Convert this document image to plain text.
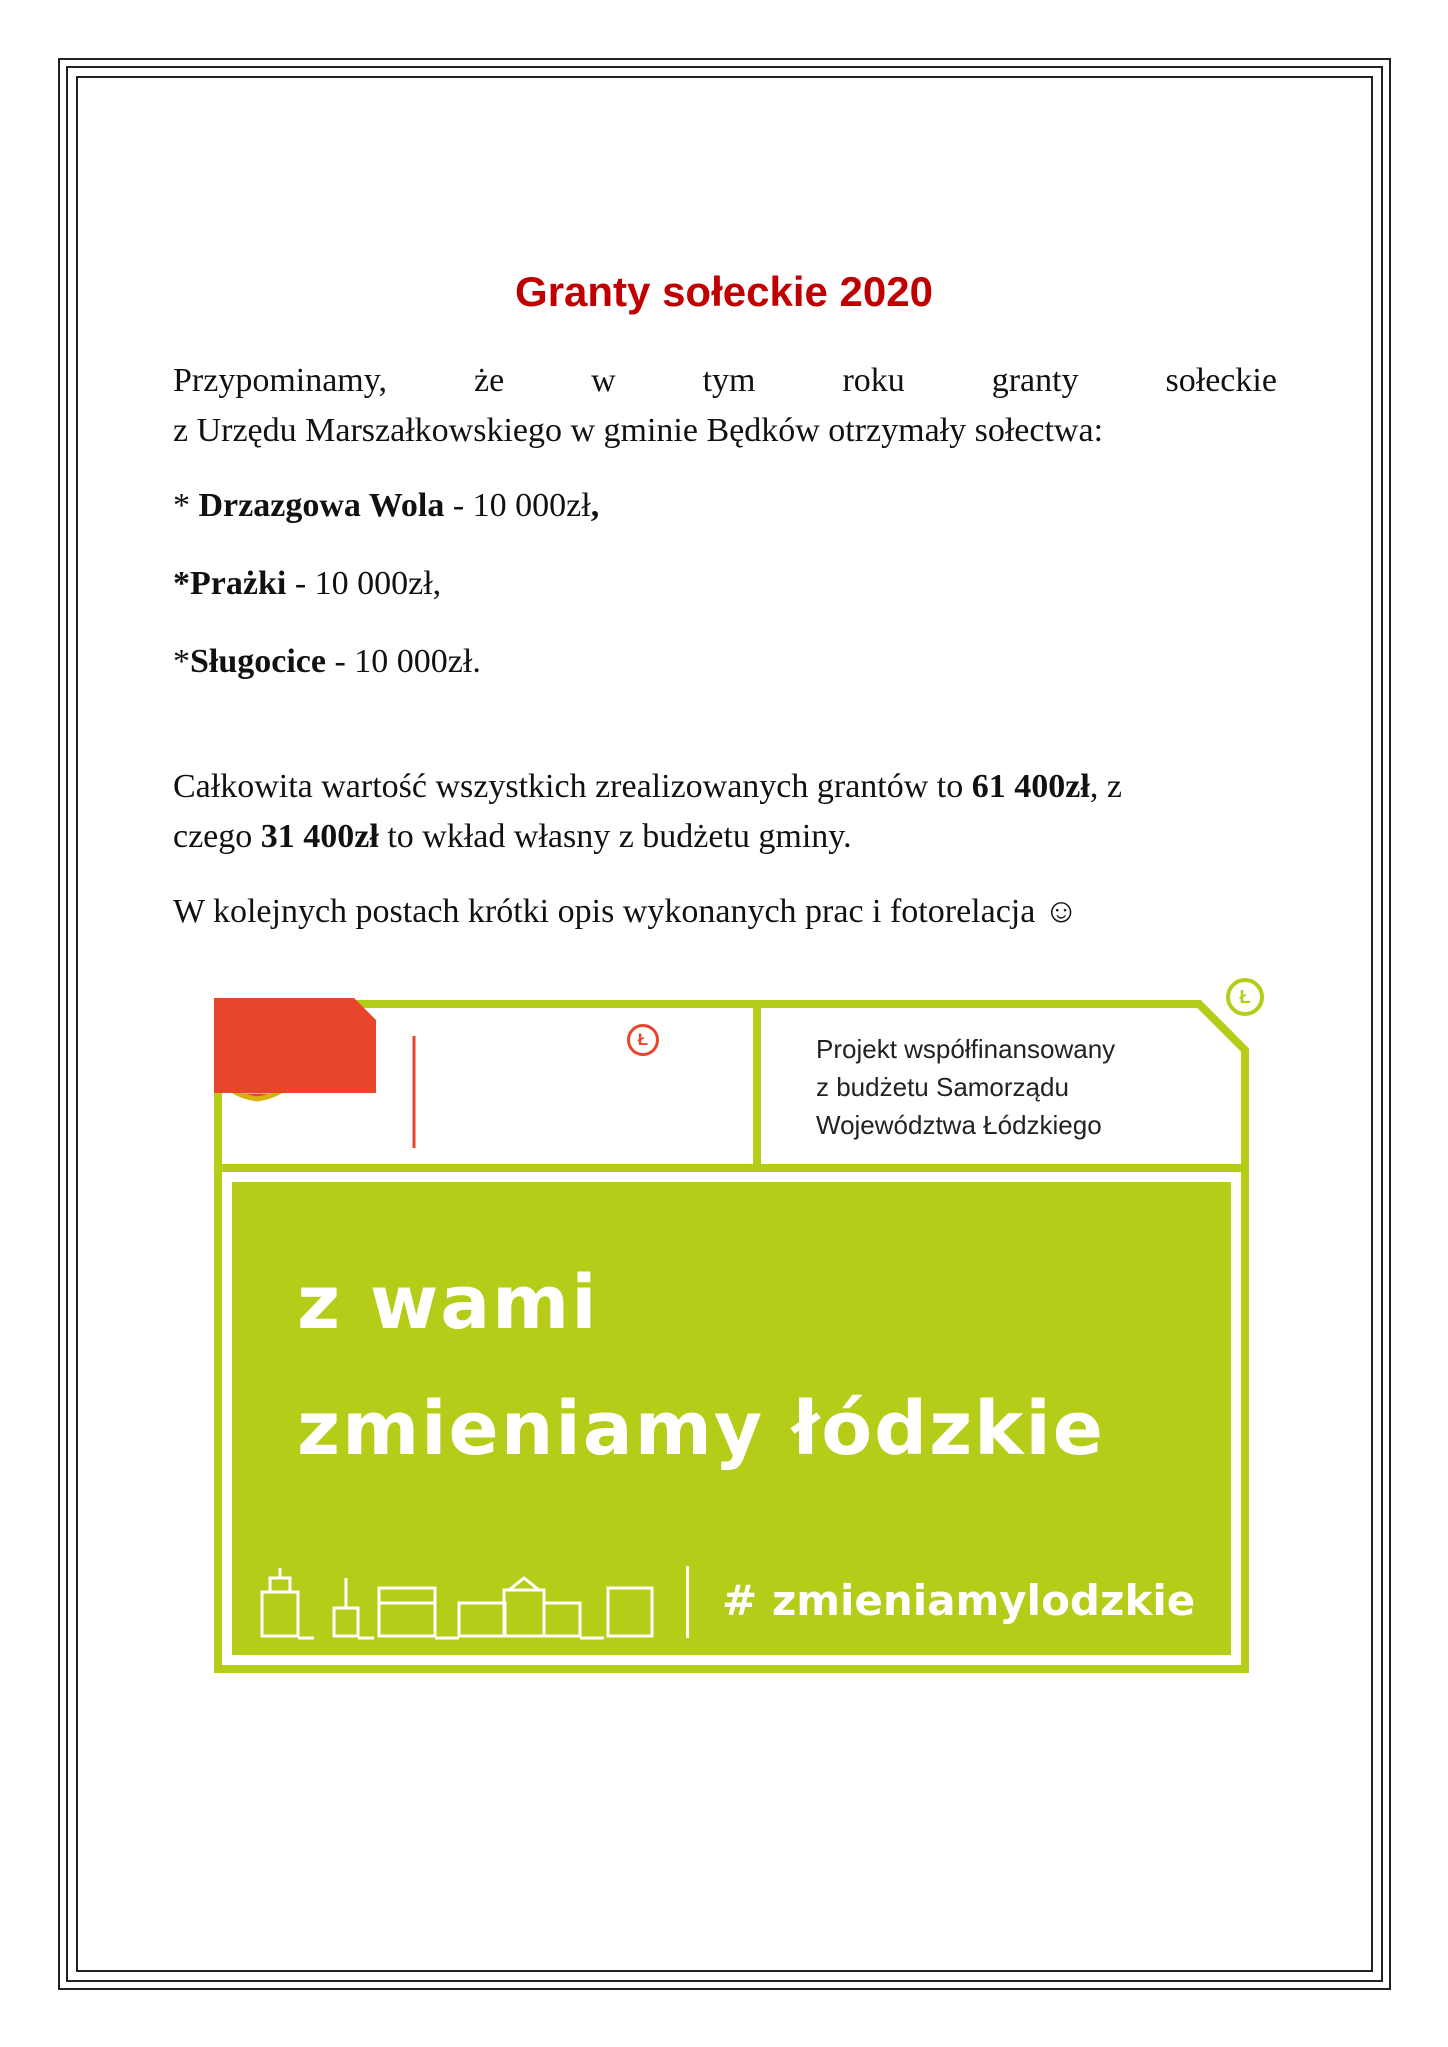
Granty sołeckie 2020
Przypominamy,	że	w	tym	roku	granty	sołeckie
z Urzędu Marszałkowskiego w gminie Będków otrzymały sołectwa:
* Drzazgowa Wola - 10 000zł,
*Prażki - 10 000zł,
*Sługocice - 10 000zł.
Całkowita wartość wszystkich zrealizowanych grantów to 61 400zł, z
czego 31 400zł to wkład własny z budżetu gminy.
W kolejnych postach krótki opis wykonanych prac i fotorelacja ☺
promuje
łódzkie
Ł
Ł
Projekt współfinansowany
z budżetu Samorządu
Województwa Łódzkiego
z wami
zmieniamy łódzkie
# zmieniamylodzkie
